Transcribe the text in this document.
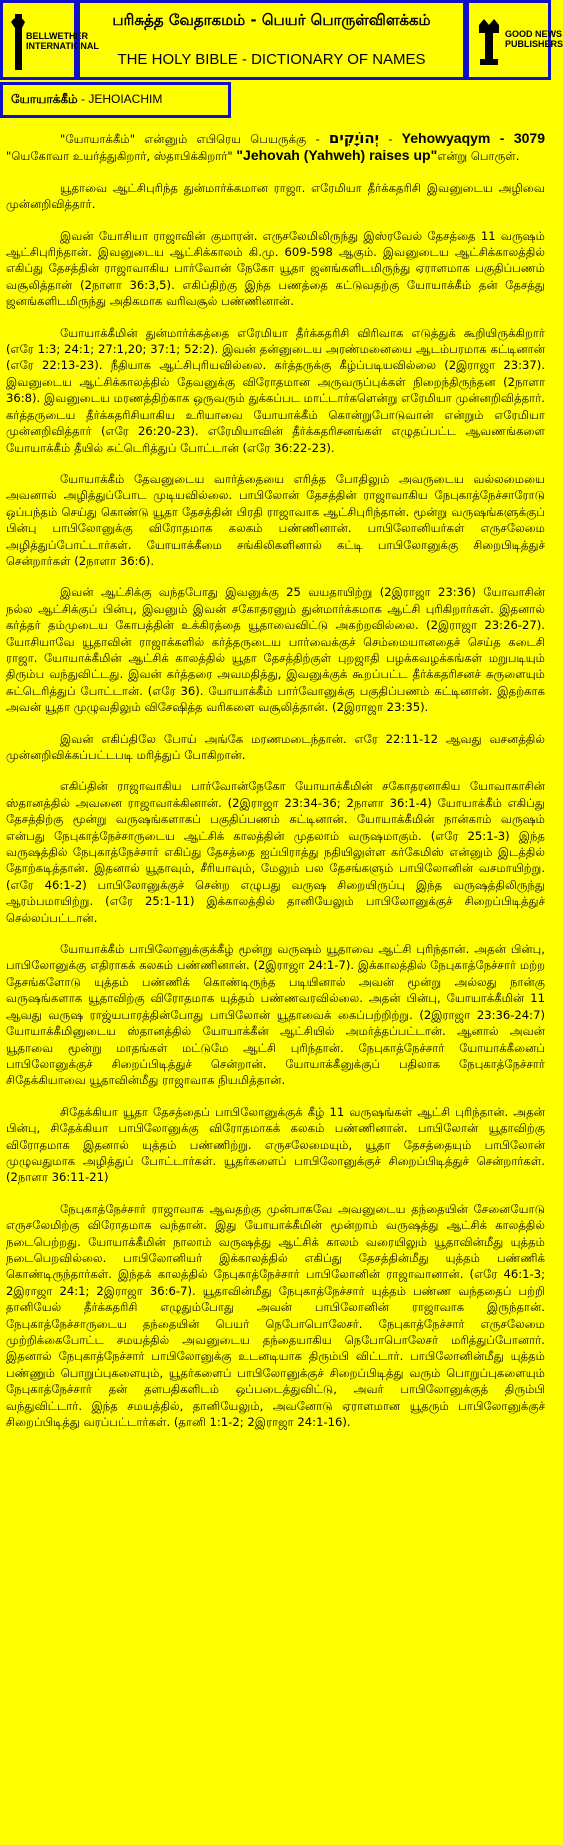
BELLWETHER
INTERNATIONAL
பரிசுத்த வேதாகமம் - பெயர் பொருள்விளக்கம்
THE HOLY BIBLE - DICTIONARY OF NAMES
GOOD NEWS
PUBLISHERS
யோயாக்கீம் - JEHOIACHIM

"யோயாக்கீம்" என்னும் எபிரெய பெயருக்கு - יְהוֹיָקִים - Yehowyaqym - 3079 "யெகோவா உயர்த்துகிறார், ஸ்தாபிக்கிறார்" "Jehovah (Yahweh) raises up"என்று பொருள்.

யூதாவை ஆட்சிபுரிந்த துன்மார்க்கமான ராஜா. எரேமியா தீர்க்கதரிசி இவனுடைய அழிவை முன்னறிவித்தார்.

இவன் யோசியா ராஜாவின் குமாரன். எருசலேமிலிருந்து இஸ்ரவேல் தேசத்தை 11 வருஷம் ஆட்சிபுரிந்தான். இவனுடைய ஆட்சிக்காலம் கி.மு. 609-598 ஆகும். இவனுடைய ஆட்சிக்காலத்தில் எகிப்து தேசத்தின் ராஜாவாகிய பார்வோன் நேகோ யூதா ஜனங்களிடமிருந்து ஏராளமாக பகுதிப்பணம் வசூலித்தான் (2நாளா 36:3,5). எகிப்திற்கு இந்த பணத்தை கட்டுவதற்கு யோயாக்கீம் தன் தேசத்து ஜனங்களிடமிருந்து அதிகமாக வரிவசூல் பண்ணினான்.

யோயாக்கீமின் துன்மார்க்கத்தை எரேமியா தீர்க்கதரிசி விரிவாக எடுத்துக் கூறியிருக்கிறார் (எரே 1:3; 24:1; 27:1,20; 37:1; 52:2). இவன் தன்னுடைய அரண்மனையை ஆடம்பரமாக கட்டினான் (எரே 22:13-23). நீதியாக ஆட்சிபுரியவில்லை. கர்த்தருக்கு கீழ்ப்படியவில்லை (2இராஜா 23:37). இவனுடைய ஆட்சிக்காலத்தில் தேவனுக்கு விரோதமான அருவருப்புக்கள் நிறைந்திருந்தன (2நாளா 36:8). இவனுடைய மரணத்திற்காக ஒருவரும் துக்கப்பட மாட்டார்களென்று எரேமியா முன்னறிவித்தார். கர்த்தருடைய தீர்க்கதரிசியாகிய உரியாவை யோயாக்கீம் கொன்றுபோடுவான் என்றும் எரேமியா முன்னறிவித்தார் (எரே 26:20-23). எரேமியாவின் தீர்க்கதரிசனங்கள் எழுதப்பட்ட ஆவணங்களை யோயாக்கீம் தீயில் சுட்டெரித்துப் போட்டான் (எரே 36:22-23).

யோயாக்கீம் தேவனுடைய வார்த்தையை எரித்த போதிலும் அவருடைய வல்லமையை அவனால் அழித்துப்போட முடியவில்லை. பாபிலோன் தேசத்தின் ராஜாவாகிய நேபுகாத்நேச்சாரோடு ஒப்பந்தம் செய்து கொண்டு யூதா தேசத்தின் பிரதி ராஜாவாக ஆட்சிபுரிந்தான். மூன்று வருஷங்களுக்குப் பின்பு பாபிலோனுக்கு விரோதமாக கலகம் பண்ணினான். பாபிலோனியர்கள் எருசலேமை அழித்துப்போட்டார்கள். யோயாக்கீமை சங்கிலிகளினால் கட்டி பாபிலோனுக்கு சிறைபிடித்துச் சென்றார்கள் (2நாளா 36:6).

இவன் ஆட்சிக்கு வந்தபோது இவனுக்கு 25 வயதாயிற்று (2இராஜா 23:36) யோவாசின் நல்ல ஆட்சிக்குப் பின்பு, இவனும் இவன் சகோதரனும் துன்மார்க்கமாக ஆட்சி புரிகிறார்கள். இதனால் கர்த்தர் தம்முடைய கோபத்தின் உக்கிரத்தை யூதாவைவிட்டு அகற்றவில்லை. (2இராஜா 23:26-27). யோசியாவே யூதாவின் ராஜாக்களில் கர்த்தருடைய பார்வைக்குச் செம்மையானதைச் செய்த கடைசி ராஜா. யோயாக்கீமின் ஆட்சிக் காலத்தில் யூதா தேசத்திற்குள் புறஜாதி பழக்கவழக்கங்கள் மறுபடியும் திரும்ப வந்துவிட்டது. இவன் கர்த்தரை அவமதித்து, இவனுக்குக் கூறப்பட்ட தீர்க்கதரிசனச் சுருளையும் சுட்டெரித்துப் போட்டான். (எரே 36). யோயாக்கீம் பார்வோனுக்கு பகுதிப்பணம் கட்டினான். இதற்காக அவன் யூதா முழுவதிலும் விசேஷித்த வரிகளை வசூலித்தான். (2இராஜா 23:35).

இவன் எகிப்திலே போய் அங்கே மரணமடைந்தான். எரே 22:11-12 ஆவது வசனத்தில் முன்னறிவிக்கப்பட்டபடி மரித்துப் போகிறான்.

எகிப்தின் ராஜாவாகிய பார்வோன்நேகோ யோயாக்கீமின் சகோதரனாகிய யோவாகாசின் ஸ்தானத்தில் அவனை ராஜாவாக்கினான். (2இராஜா 23:34-36; 2நாளா 36:1-4) யோயாக்கீம் எகிப்து தேசத்திற்கு மூன்று வருஷங்களாகப் பகுதிப்பணம் கட்டினான். யோயாக்கீமின் நான்காம் வருஷம் என்பது நேபுகாத்நேச்சாருடைய ஆட்சிக் காலத்தின் முதலாம் வருஷமாகும். (எரே 25:1-3) இந்த வருஷத்தில் நேபுகாத்நேச்சார் எகிப்து தேசத்தை ஐப்பிராத்து நதியிலுள்ள கர்கேமிஸ் என்னும் இடத்தில் தோற்கடித்தான். இதனால் யூதாவும், சீரியாவும், மேலும் பல தேசங்களும் பாபிலோனின் வசமாயிற்று. (எரே 46:1-2) பாபிலோனுக்குச் சென்ற எழுபது வருஷ சிறையிருப்பு இந்த வருஷத்திலிருந்து ஆரம்பமாயிற்று. (எரே 25:1-11) இக்காலத்தில் தானியேலும் பாபிலோனுக்குச் சிறைப்பிடித்துச் செல்லப்பட்டான்.

யோயாக்கீம் பாபிலோனுக்குக்கீழ் மூன்று வருஷம் யூதாவை ஆட்சி புரிந்தான். அதன் பின்பு, பாபிலோனுக்கு எதிராகக் கலகம் பண்ணினான். (2இராஜா 24:1-7). இக்காலத்தில் நேபுகாத்நேச்சார் மற்ற தேசங்களோடு யுத்தம் பண்ணிக் கொண்டிருந்த படியினால் அவன் மூன்று அல்லது நான்கு வருஷங்களாக யூதாவிற்கு விரோதமாக யுத்தம் பண்ணவரவில்லை. அதன் பின்பு, யோயாக்கீமின் 11 ஆவது வருஷ ராஜ்யபாரத்தின்போது பாபிலோன் யூதாவைக் கைப்பற்றிற்று. (2இராஜா 23:36-24:7) யோயாக்கீமினுடைய ஸ்தானத்தில் யோயாக்கீன் ஆட்சியில் அமர்த்தப்பட்டான். ஆனால் அவன் யூதாவை மூன்று மாதங்கள் மட்டுமே ஆட்சி புரிந்தான். நேபுகாத்நேச்சார் யோயாக்கீனைப் பாபிலோனுக்குச் சிறைப்பிடித்துச் சென்றான். யோயாக்கீனுக்குப் பதிலாக நேபுகாத்நேச்சார் சிதேக்கியாவை யூதாவின்மீது ராஜாவாக நியமித்தான்.

சிதேக்கியா யூதா தேசத்தைப் பாபிலோனுக்குக் கீழ் 11 வருஷங்கள் ஆட்சி புரிந்தான். அதன் பின்பு, சிதேக்கியா பாபிலோனுக்கு விரோதமாகக் கலகம் பண்ணினான். பாபிலோன் யூதாவிற்கு விரோதமாக இதனால் யுத்தம் பண்ணிற்று. எருசலேமையும், யூதா தேசத்தையும் பாபிலோன் முழுவதுமாக அழித்துப் போட்டார்கள். யூதர்களைப் பாபிலோனுக்குச் சிறைப்பிடித்துச் சென்றார்கள். (2நாளா 36:11-21)

நேபுகாத்நேச்சார் ராஜாவாக ஆவதற்கு முன்பாகவே அவனுடைய தந்தையின் சேனையோடு எருசலேமிற்கு விரோதமாக வந்தான். இது யோயாக்கீமின் மூன்றாம் வருஷத்து ஆட்சிக் காலத்தில் நடைபெற்றது. யோயாக்கீமின் நாலாம் வருஷத்து ஆட்சிக் காலம் வரையிலும் யூதாவின்மீது யுத்தம் நடைபெறவில்லை. பாபிலோனியர் இக்காலத்தில் எகிப்து தேசத்தின்மீது யுத்தம் பண்ணிக் கொண்டிருந்தார்கள். இந்தக் காலத்தில் நேபுகாத்நேச்சார் பாபிலோனின் ராஜாவானான். (எரே 46:1-3; 2இராஜா 24:1; 2இராஜா 36:6-7). யூதாவின்மீது நேபுகாத்நேச்சார் யுத்தம் பண்ண வந்ததைப் பற்றி தானியேல் தீர்க்கதரிசி எழுதும்போது அவன் பாபிலோனின் ராஜாவாக இருந்தான். நேபுகாத்நேச்சாருடைய தந்தையின் பெயர் நெபோபொலேசர். நேபுகாத்நேச்சார் எருசலேமை முற்றிக்கைபோட்ட சமயத்தில் அவனுடைய தந்தையாகிய நெபோபொலேசர் மரித்துப்போனார். இதனால் நேபுகாத்நேச்சார் பாபிலோனுக்கு உடனடியாக திரும்பி விட்டார். பாபிலோனின்மீது யுத்தம் பண்ணும் பொறுப்புகளையும், யூதர்களைப் பாபிலோனுக்குச் சிறைப்பிடித்து வரும் பொறுப்புகளையும் நேபுகாத்நேச்சார் தன் தளபதிகளிடம் ஒப்படைத்துவிட்டு, அவர் பாபிலோனுக்குத் திரும்பி வந்துவிட்டார். இந்த சமயத்தில், தானியேலும், அவனோடு ஏராளமான யூதரும் பாபிலோனுக்குச் சிறைப்பிடித்து வரப்பட்டார்கள். (தானி 1:1-2; 2இராஜா 24:1-16).
